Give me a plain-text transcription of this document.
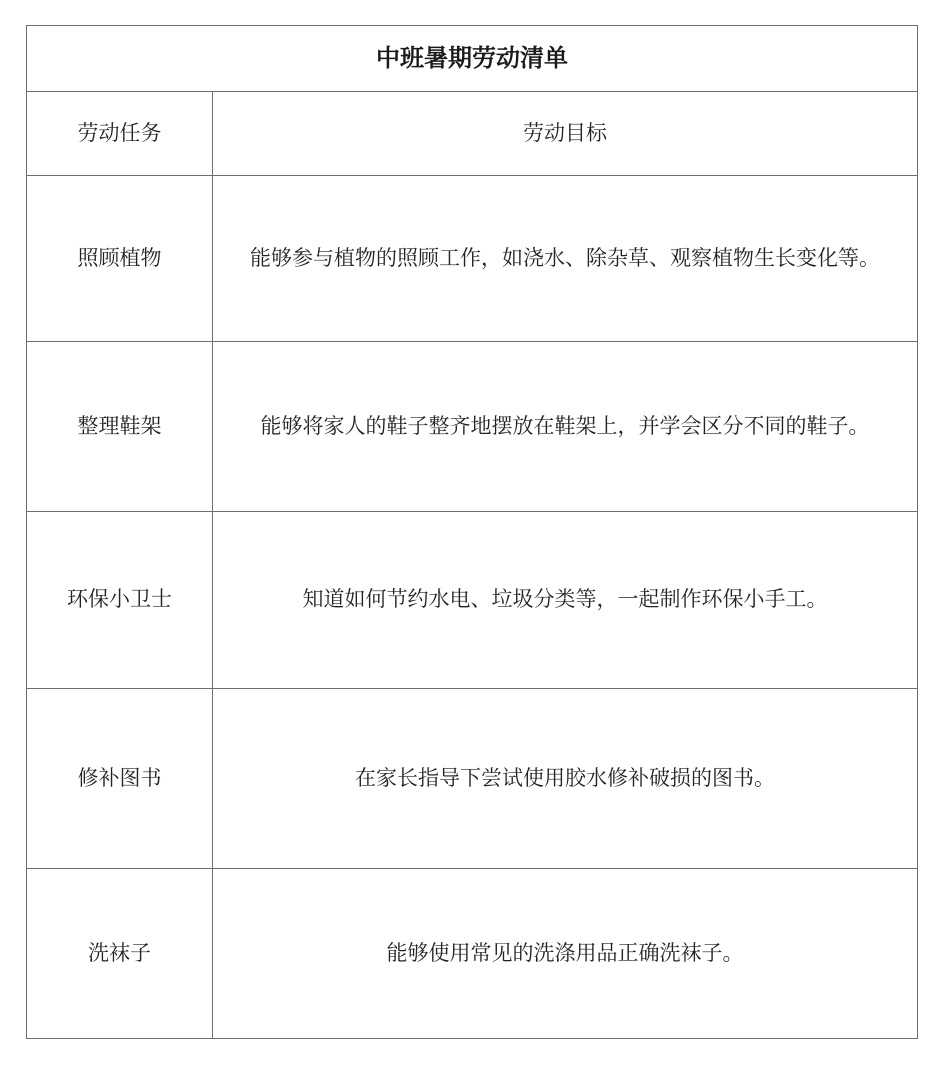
中班暑期劳动清单	
劳动任务	劳动目标
照顾植物	能够参与植物的照顾工作，如浇水、除杂草、观察植物生长变化等。
整理鞋架	能够将家人的鞋子整齐地摆放在鞋架上，并学会区分不同的鞋子。
环保小卫士	知道如何节约水电、垃圾分类等，一起制作环保小手工。
修补图书	在家长指导下尝试使用胶水修补破损的图书。
洗袜子	能够使用常见的洗涤用品正确洗袜子。
